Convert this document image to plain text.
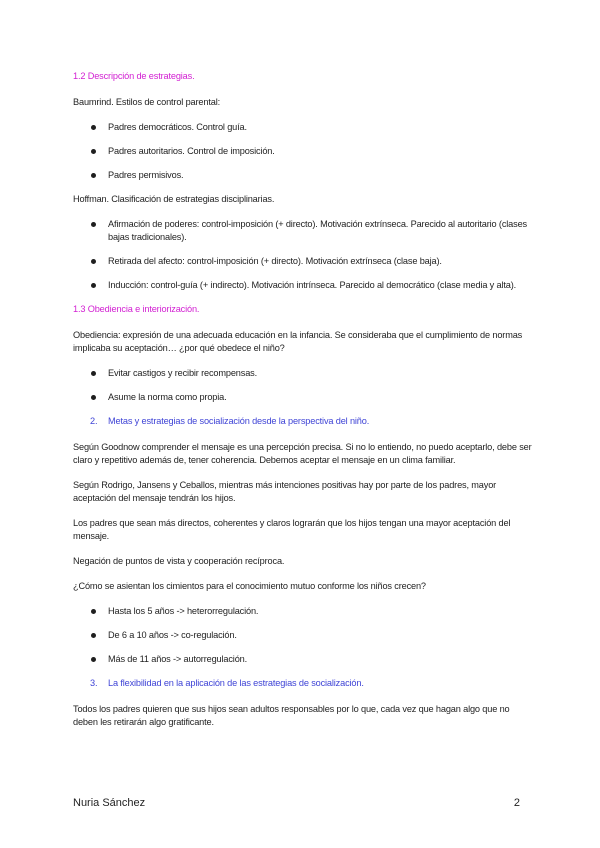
1.2 Descripción de estrategias.
Baumrind. Estilos de control parental:
Padres democráticos. Control guía.
Padres autoritarios. Control de imposición.
Padres permisivos.
Hoffman. Clasificación de estrategias disciplinarias.
Afirmación de poderes: control-imposición (+ directo). Motivación extrínseca. Parecido al autoritario (clases bajas tradicionales).
Retirada del afecto: control-imposición (+ directo). Motivación extrínseca (clase baja).
Inducción: control-guía (+ indirecto). Motivación intrínseca. Parecido al democrático (clase media y alta).
1.3 Obediencia e interiorización.
Obediencia: expresión de una adecuada educación en la infancia. Se consideraba que el cumplimiento de normas implicaba su aceptación… ¿por qué obedece el niño?
Evitar castigos y recibir recompensas.
Asume la norma como propia.
2. Metas y estrategias de socialización desde la perspectiva del niño.
Según Goodnow comprender el mensaje es una percepción precisa. Si no lo entiendo, no puedo aceptarlo, debe ser claro y repetitivo además de, tener coherencia. Debemos aceptar el mensaje en un clima familiar.
Según Rodrigo, Jansens y Ceballos, mientras más intenciones positivas hay por parte de los padres, mayor aceptación del mensaje tendrán los hijos.
Los padres que sean más directos, coherentes y claros lograrán que los hijos tengan una mayor aceptación del mensaje.
Negación de puntos de vista y cooperación recíproca.
¿Cómo se asientan los cimientos para el conocimiento mutuo conforme los niños crecen?
Hasta los 5 años -> heterorregulación.
De 6 a 10 años -> co-regulación.
Más de 11 años -> autorregulación.
3. La flexibilidad en la aplicación de las estrategias de socialización.
Todos los padres quieren que sus hijos sean adultos responsables por lo que, cada vez que hagan algo que no deben les retirarán algo gratificante.
Nuria Sánchez	2
